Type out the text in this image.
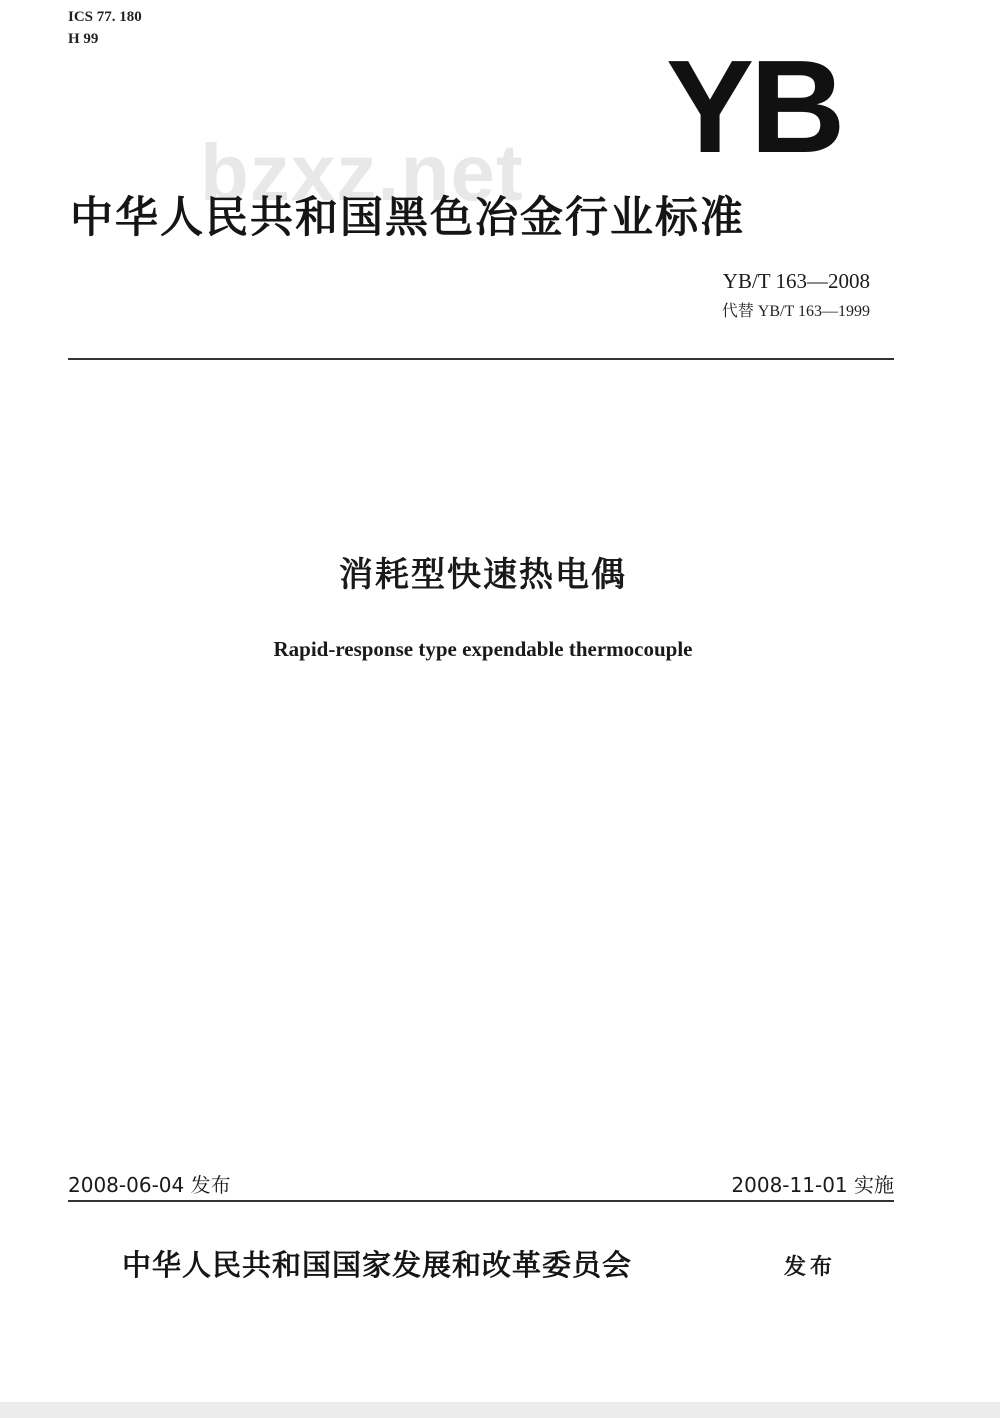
ICS 77. 180
H 99
bzxz.net YB
中华人民共和国黑色冶金行业标准
YB/T 163—2008
代替 YB/T 163—1999
消耗型快速热电偶
Rapid-response type expendable thermocouple
2008-06-04 发布	2008-11-01 实施
中华人民共和国国家发展和改革委员会	发布
